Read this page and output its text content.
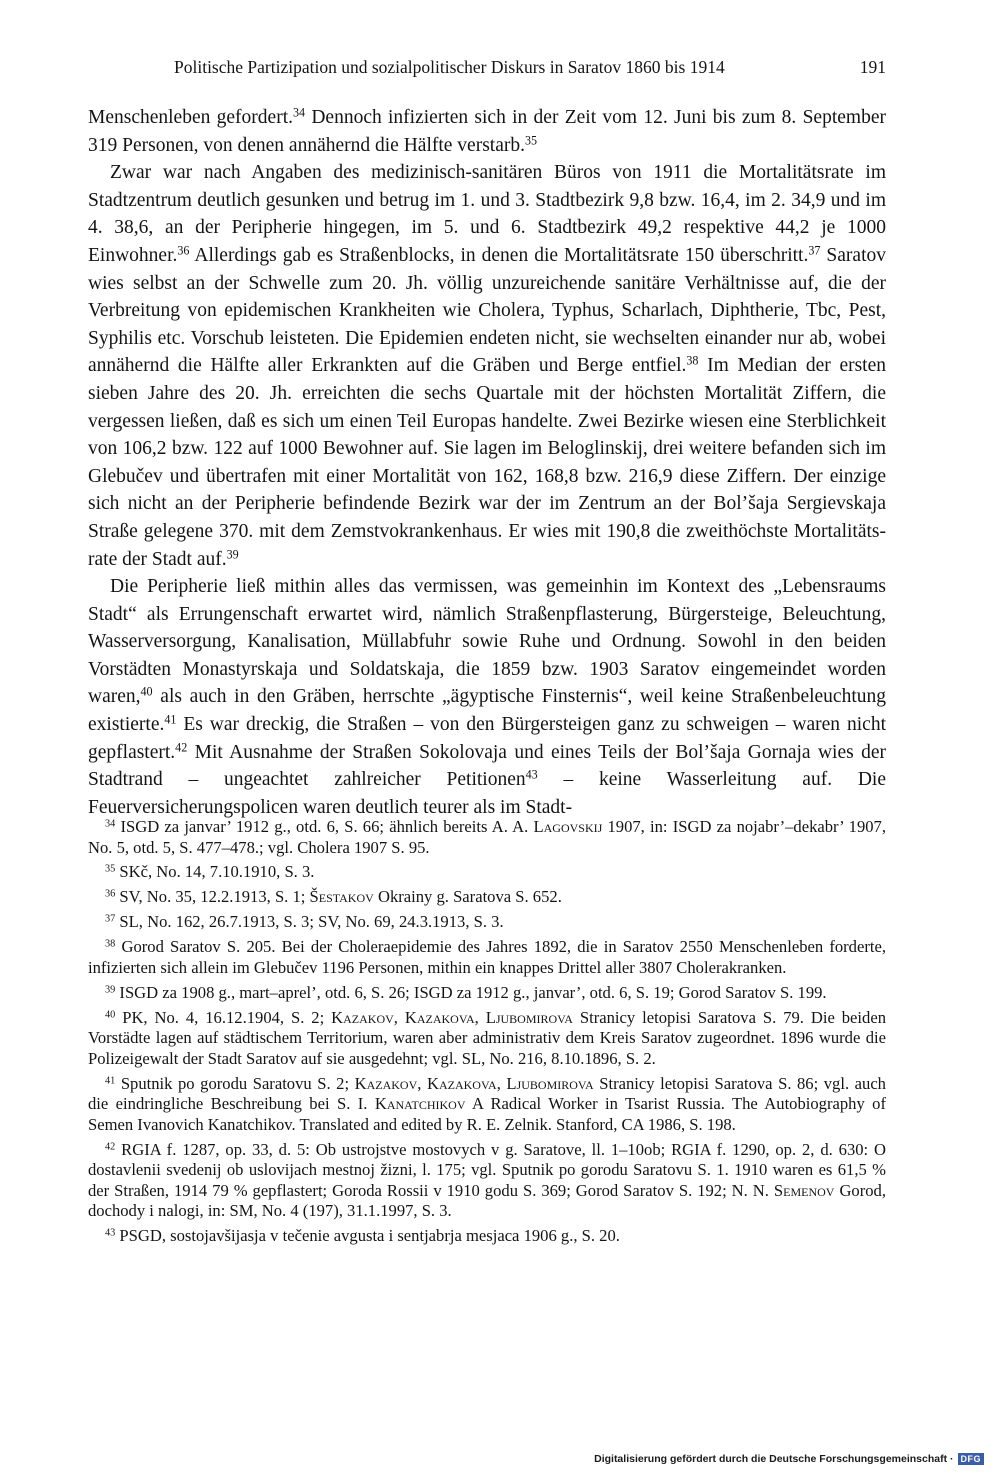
Politische Partizipation und sozialpolitischer Diskurs in Saratov 1860 bis 1914	191

Menschenleben gefordert.$^{34}$ Dennoch infizierten sich in der Zeit vom 12. Juni bis zum 8. September 319 Personen, von denen annähernd die Hälfte verstarb.$^{35}$

Zwar war nach Angaben des medizinisch-sanitären Büros von 1911 die Mortalitätsrate im Stadtzentrum deutlich gesunken und betrug im 1. und 3. Stadtbezirk 9,8 bzw. 16,4, im 2. 34,9 und im 4. 38,6, an der Peripherie hingegen, im 5. und 6. Stadtbezirk 49,2 respektive 44,2 je 1000 Einwohner.$^{36}$ Allerdings gab es Straßenblocks, in denen die Mortalitätsrate 150 überschritt.$^{37}$ Saratov wies selbst an der Schwelle zum 20. Jh. völlig unzureichende sanitäre Verhältnisse auf, die der Verbreitung von epidemischen Krankheiten wie Cholera, Typhus, Scharlach, Diphtherie, Tbc, Pest, Syphilis etc. Vorschub leisteten. Die Epidemien endeten nicht, sie wechselten einander nur ab, wobei annähernd die Hälfte aller Erkrankten auf die Gräben und Berge entfiel.$^{38}$ Im Median der ersten sieben Jahre des 20. Jh. erreichten die sechs Quartale mit der höchsten Mortalität Ziffern, die vergessen ließen, daß es sich um einen Teil Europas handelte. Zwei Bezirke wiesen eine Sterblichkeit von 106,2 bzw. 122 auf 1000 Bewohner auf. Sie lagen im Beloglinskij, drei weitere befanden sich im Glebučev und übertrafen mit einer Mortalität von 162, 168,8 bzw. 216,9 diese Ziffern. Der einzige sich nicht an der Peripherie befindende Bezirk war der im Zentrum an der Bol’šaja Sergievskaja Straße gelegene 370. mit dem Zemstvokrankenhaus. Er wies mit 190,8 die zweithöchste Mortalitätsrate der Stadt auf.$^{39}$

Die Peripherie ließ mithin alles das vermissen, was gemeinhin im Kontext des „Lebensraums Stadt“ als Errungenschaft erwartet wird, nämlich Straßenpflasterung, Bürgersteige, Beleuchtung, Wasserversorgung, Kanalisation, Müllabfuhr sowie Ruhe und Ordnung. Sowohl in den beiden Vorstädten Monastyrskaja und Soldatskaja, die 1859 bzw. 1903 Saratov eingemeindet worden waren,$^{40}$ als auch in den Gräben, herrschte „ägyptische Finsternis“, weil keine Straßenbeleuchtung existierte.$^{41}$ Es war dreckig, die Straßen – von den Bürgersteigen ganz zu schweigen – waren nicht gepflastert.$^{42}$ Mit Ausnahme der Straßen Sokolovaja und eines Teils der Bol’šaja Gornaja wies der Stadtrand – ungeachtet zahlreicher Petitionen$^{43}$ – keine Wasserleitung auf. Die Feuerversicherungspolicen waren deutlich teurer als im Stadt-

$^{34}$ ISGD za janvar’ 1912 g., otd. 6, S. 66; ähnlich bereits A. A. Lagovskij 1907, in: ISGD za nojabr’–dekabr’ 1907, No. 5, otd. 5, S. 477–478.; vgl. Cholera 1907 S. 95.

$^{35}$ SKč, No. 14, 7.10.1910, S. 3.

$^{36}$ SV, No. 35, 12.2.1913, S. 1; Šestakov Okrainy g. Saratova S. 652.

$^{37}$ SL, No. 162, 26.7.1913, S. 3; SV, No. 69, 24.3.1913, S. 3.

$^{38}$ Gorod Saratov S. 205. Bei der Choleraepidemie des Jahres 1892, die in Saratov 2550 Menschenleben forderte, infizierten sich allein im Glebučev 1196 Personen, mithin ein knappes Drittel aller 3807 Cholerakranken.

$^{39}$ ISGD za 1908 g., mart–aprel’, otd. 6, S. 26; ISGD za 1912 g., janvar’, otd. 6, S. 19; Gorod Saratov S. 199.

$^{40}$ PK, No. 4, 16.12.1904, S. 2; Kazakov, Kazakova, Ljubomirova Stranicy letopisi Saratova S. 79. Die beiden Vorstädte lagen auf städtischem Territorium, waren aber administrativ dem Kreis Saratov zugeordnet. 1896 wurde die Polizeigewalt der Stadt Saratov auf sie ausgedehnt; vgl. SL, No. 216, 8.10.1896, S. 2.

$^{41}$ Sputnik po gorodu Saratovu S. 2; Kazakov, Kazakova, Ljubomirova Stranicy letopisi Saratova S. 86; vgl. auch die eindringliche Beschreibung bei S. I. Kanatchikov A Radical Worker in Tsarist Russia. The Autobiography of Semen Ivanovich Kanatchikov. Translated and edited by R. E. Zelnik. Stanford, CA 1986, S. 198.

$^{42}$ RGIA f. 1287, op. 33, d. 5: Ob ustrojstve mostovych v g. Saratove, ll. 1–10ob; RGIA f. 1290, op. 2, d. 630: O dostavlenii svedenij ob uslovijach mestnoj žizni, l. 175; vgl. Sputnik po gorodu Saratovu S. 1. 1910 waren es 61,5 % der Straßen, 1914 79 % gepflastert; Goroda Rossii v 1910 godu S. 369; Gorod Saratov S. 192; N. N. Semenov Gorod, dochody i nalogi, in: SM, No. 4 (197), 31.1.1997, S. 3.

$^{43}$ PSGD, sostojavšijasja v tečenie avgusta i sentjabrja mesjaca 1906 g., S. 20.

Digitalisierung gefördert durch die Deutsche Forschungsgemeinschaft · DFG
